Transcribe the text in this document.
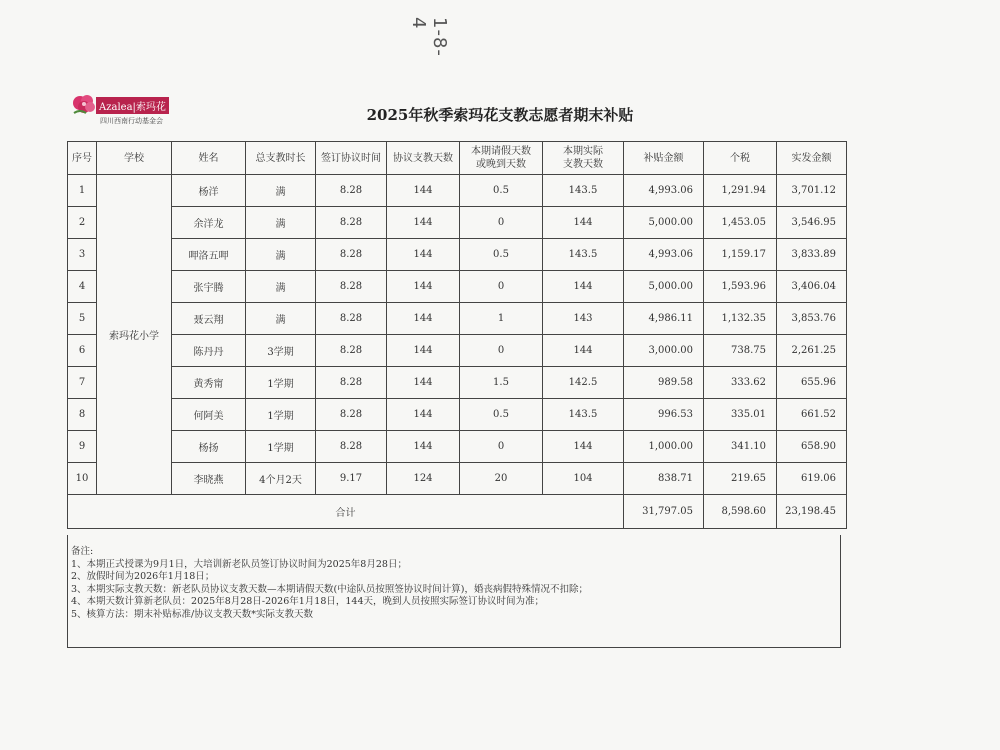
1-8-4
Azalea|索玛花
四川西南行动基金会	2025年秋季索玛花支教志愿者期末补贴
序号	学校	姓名	总支教时长	签订协议时间	协议支教天数	本期请假天数
或晚到天数	本期实际
支教天数	补贴金额	个税	实发金额
1	索玛花小学	杨洋	满	8.28	144	0.5	143.5	4,993.06	1,291.94	3,701.12
2		余洋龙	满	8.28	144	0	144	5,000.00	1,453.05	3,546.95
3		呷洛五呷	满	8.28	144	0.5	143.5	4,993.06	1,159.17	3,833.89
4		张宇腾	满	8.28	144	0	144	5,000.00	1,593.96	3,406.04
5		聂云翔	满	8.28	144	1	143	4,986.11	1,132.35	3,853.76
6		陈丹丹	3学期	8.28	144	0	144	3,000.00	738.75	2,261.25
7		黄秀甯	1学期	8.28	144	1.5	142.5	989.58	333.62	655.96
8		何阿美	1学期	8.28	144	0.5	143.5	996.53	335.01	661.52
9		杨扬	1学期	8.28	144	0	144	1,000.00	341.10	658.90
10		李晓燕	4个月2天	9.17	124	20	104	838.71	219.65	619.06
合计								31,797.05	8,598.60	23,198.45
备注:
1、本期正式授课为9月1日，大培训新老队员签订协议时间为2025年8月28日；
2、放假时间为2026年1月18日；
3、本期实际支教天数：新老队员协议支教天数—本期请假天数(中途队员按照签协议时间计算)，婚丧病假特殊情况不扣除；
4、本期天数计算新老队员：2025年8月28日-2026年1月18日，144天，晚到人员按照实际签订协议时间为准；
5、核算方法：期末补贴标准/协议支教天数*实际支教天数
